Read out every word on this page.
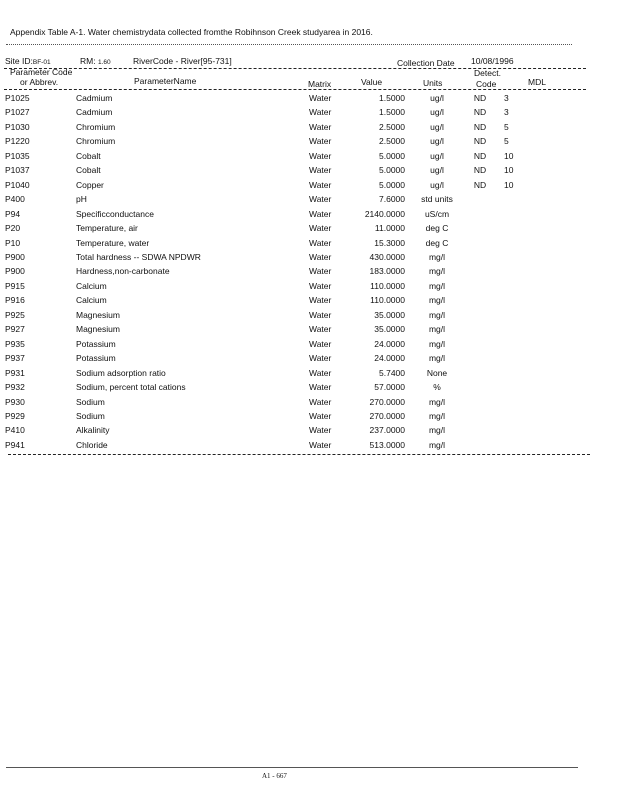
Appendix Table A-1. Water chemistrydata collected fromthe Robihnson Creek studyarea in 2016.
Site ID:BF-01	RM: 1.60	RiverCode - River[95-731]	Collection Date 10/08/1996
Parameter Code
or Abbrev.	ParameterName	Matrix	Value	Units
Detect.
Code	MDL
P1025	Cadmium	Water	1.5000	ug/l	ND	3
P1027	Cadmium	Water	1.5000	ug/l	ND	3
P1030	Chromium	Water	2.5000	ug/l	ND	5
P1220	Chromium	Water	2.5000	ug/l	ND	5
P1035	Cobalt	Water	5.0000	ug/l	ND	10
P1037	Cobalt	Water	5.0000	ug/l	ND	10
P1040	Copper	Water	5.0000	ug/l	ND	10
P400	pH	Water	7.6000	std units		
P94	Specificconductance	Water	2140.0000	uS/cm		
P20	Temperature, air	Water	11.0000	deg C		
P10	Temperature, water	Water	15.3000	deg C		
P900	Total hardness -- SDWA NPDWR	Water	430.0000	mg/l		
P900	Hardness,non-carbonate	Water	183.0000	mg/l		
P915	Calcium	Water	110.0000	mg/l		
P916	Calcium	Water	110.0000	mg/l		
P925	Magnesium	Water	35.0000	mg/l		
P927	Magnesium	Water	35.0000	mg/l		
P935	Potassium	Water	24.0000	mg/l		
P937	Potassium	Water	24.0000	mg/l		
P931	Sodium adsorption ratio	Water	5.7400	None		
P932	Sodium, percent total cations	Water	57.0000	%		
P930	Sodium	Water	270.0000	mg/l		
P929	Sodium	Water	270.0000	mg/l		
P410	Alkalinity	Water	237.0000	mg/l		
P941	Chloride	Water	513.0000	mg/l		
A1 - 667
